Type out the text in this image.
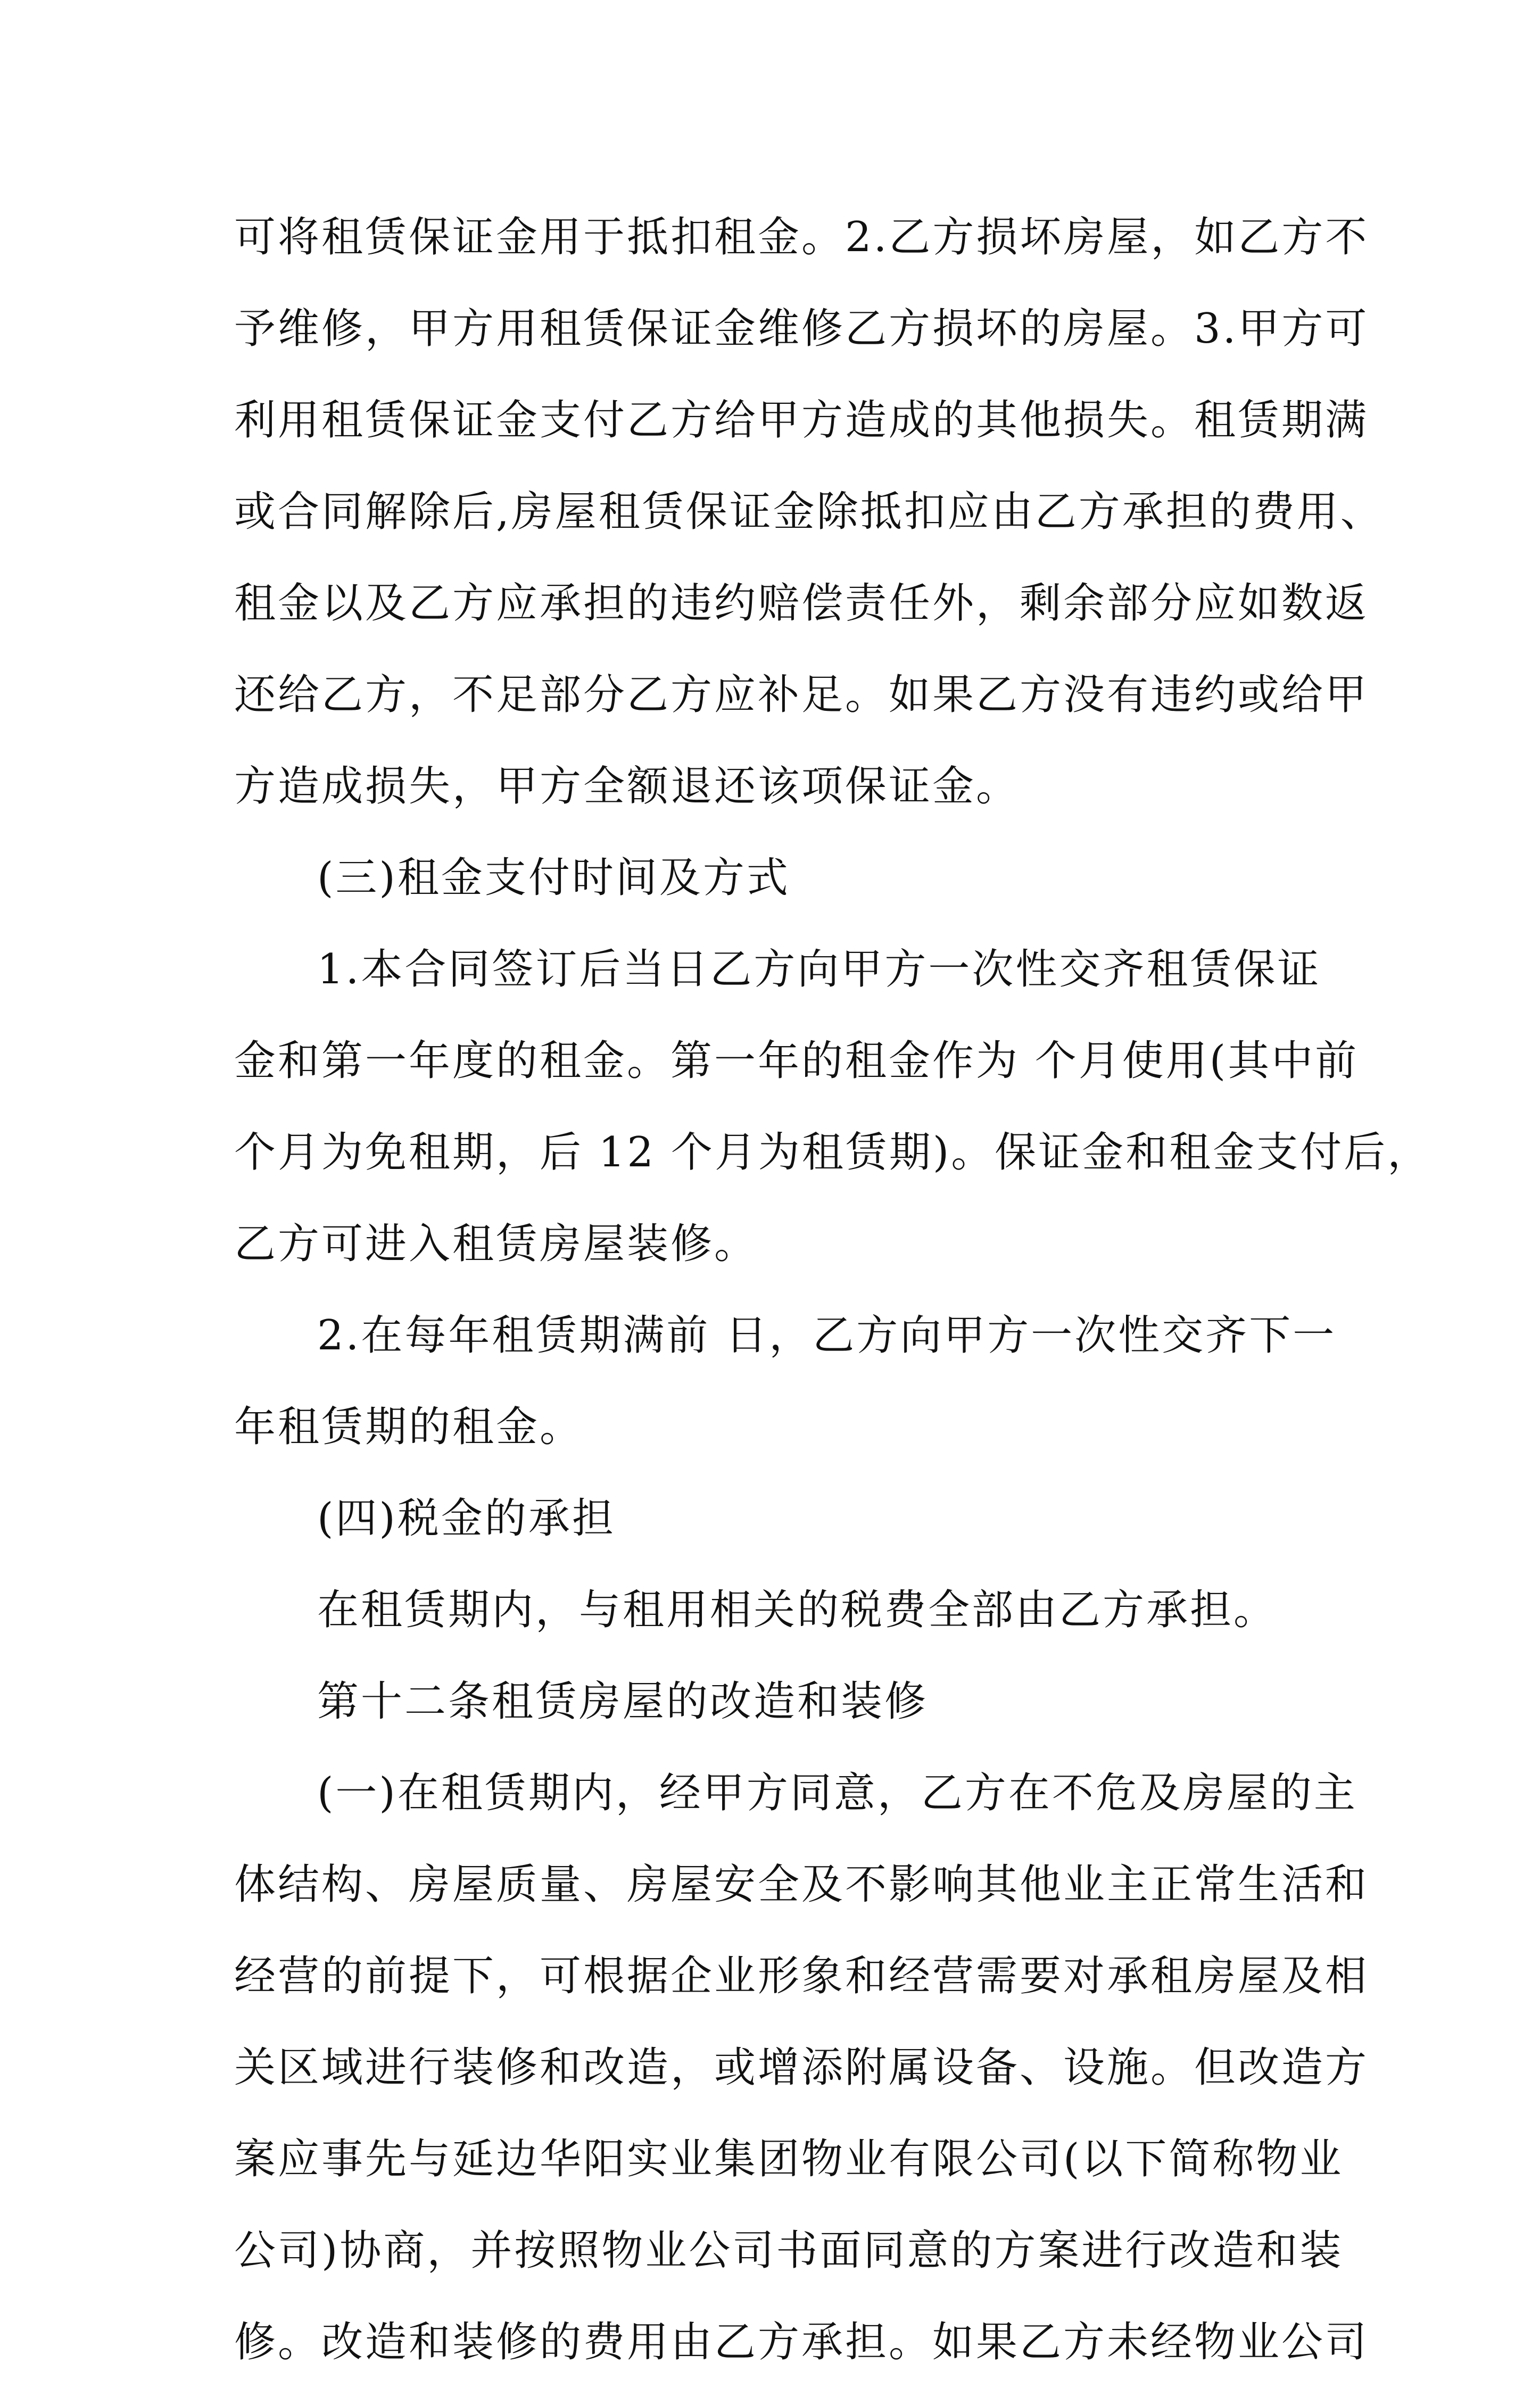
可将租赁保证金用于抵扣租金。2.乙方损坏房屋，如乙方不
予维修，甲方用租赁保证金维修乙方损坏的房屋。3.甲方可
利用租赁保证金支付乙方给甲方造成的其他损失。租赁期满
或合同解除后,房屋租赁保证金除抵扣应由乙方承担的费用、
租金以及乙方应承担的违约赔偿责任外，剩余部分应如数返
还给乙方，不足部分乙方应补足。如果乙方没有违约或给甲
方造成损失，甲方全额退还该项保证金。
(三)租金支付时间及方式
1.本合同签订后当日乙方向甲方一次性交齐租赁保证
金和第一年度的租金。第一年的租金作为 个月使用(其中前
个月为免租期，后 12 个月为租赁期)。保证金和租金支付后，
乙方可进入租赁房屋装修。
2.在每年租赁期满前 日，乙方向甲方一次性交齐下一
年租赁期的租金。
(四)税金的承担
在租赁期内，与租用相关的税费全部由乙方承担。
第十二条租赁房屋的改造和装修
(一)在租赁期内，经甲方同意，乙方在不危及房屋的主
体结构、房屋质量、房屋安全及不影响其他业主正常生活和
经营的前提下，可根据企业形象和经营需要对承租房屋及相
关区域进行装修和改造，或增添附属设备、设施。但改造方
案应事先与延边华阳实业集团物业有限公司(以下简称物业
公司)协商，并按照物业公司书面同意的方案进行改造和装
修。改造和装修的费用由乙方承担。如果乙方未经物业公司
